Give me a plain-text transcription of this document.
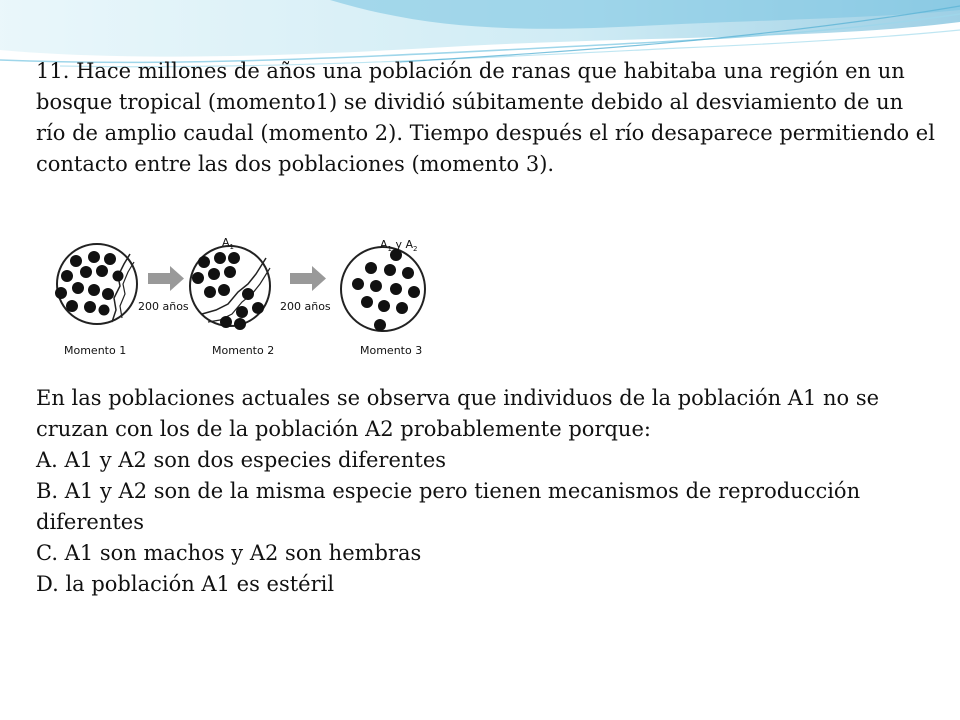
11. Hace millones de años una población de ranas que habitaba una región en un bosque tropical (momento1) se dividió súbitamente debido al desviamiento de un río de amplio caudal (momento 2). Tiempo después el río desaparece permitiendo el contacto entre las dos poblaciones (momento 3).

Momento 1
200 años
Momento 2
$A_1$
200 años
Momento 3
$A_1$ y $A_2$

En las poblaciones actuales se observa que individuos de la población A1 no se cruzan con los de la población A2 probablemente porque:

A. A1 y A2 son dos especies diferentes
B. A1 y A2 son de la misma especie pero tienen mecanismos de reproducción diferentes
C. A1 son machos y A2 son hembras
D. la población A1 es estéril
